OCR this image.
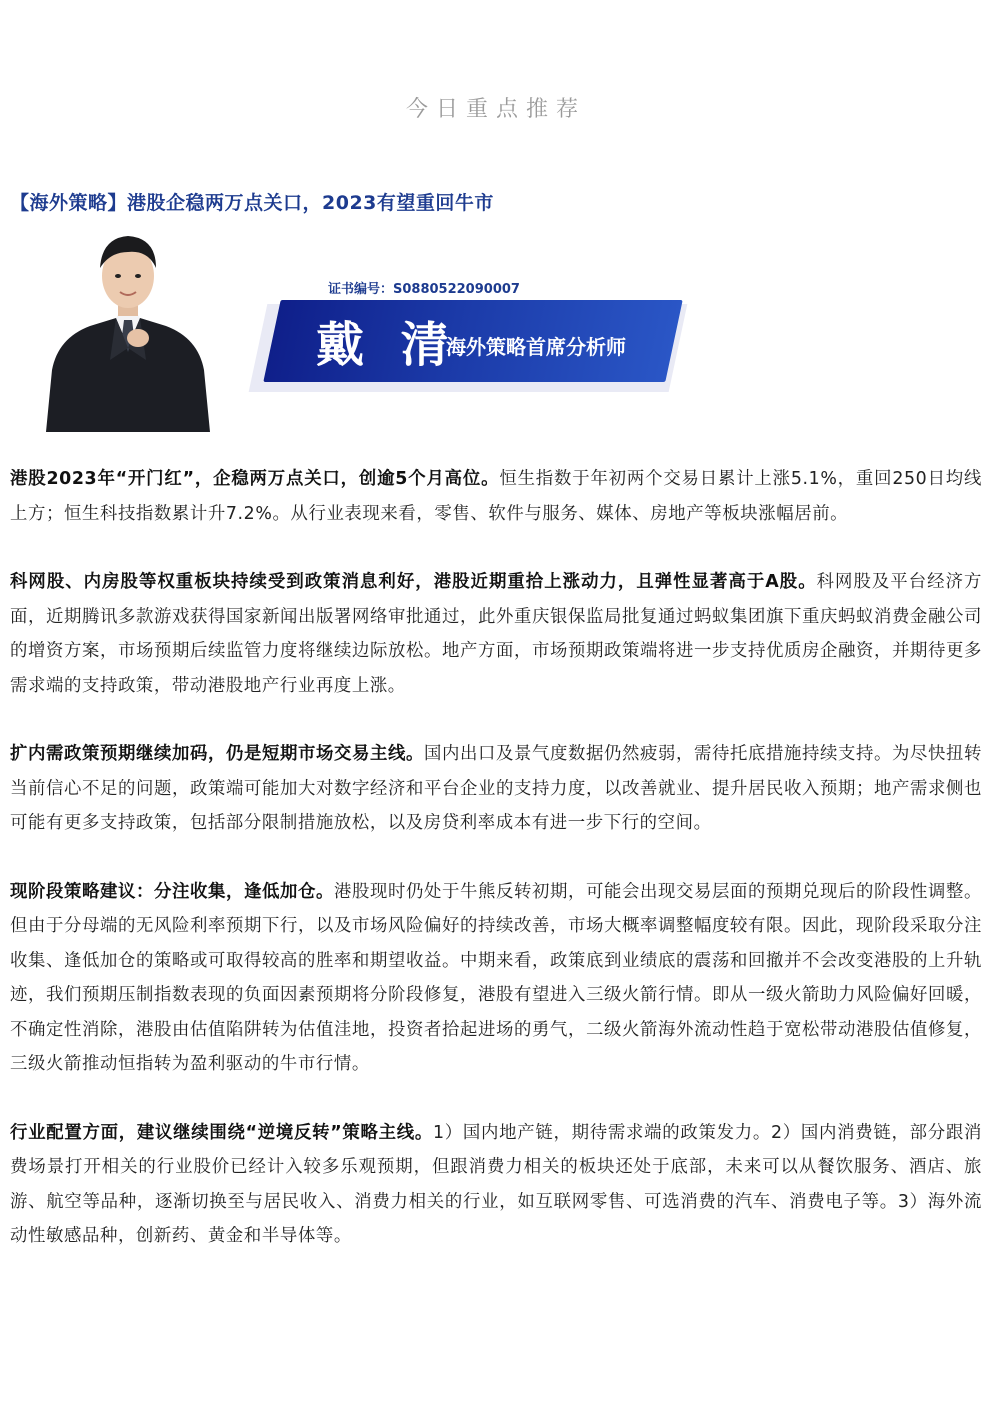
今日重点推荐
【海外策略】港股企稳两万点关口，2023有望重回牛市
证书编号：S0880522090007
戴 清
海外策略首席分析师

港股2023年“开门红”，企稳两万点关口，创逾5个月高位。恒生指数于年初两个交易日累计上涨5.1%，重回250日均线上方；恒生科技指数累计升7.2%。从行业表现来看，零售、软件与服务、媒体、房地产等板块涨幅居前。

科网股、内房股等权重板块持续受到政策消息利好，港股近期重拾上涨动力，且弹性显著高于A股。科网股及平台经济方面，近期腾讯多款游戏获得国家新闻出版署网络审批通过，此外重庆银保监局批复通过蚂蚁集团旗下重庆蚂蚁消费金融公司的增资方案，市场预期后续监管力度将继续边际放松。地产方面，市场预期政策端将进一步支持优质房企融资，并期待更多需求端的支持政策，带动港股地产行业再度上涨。

扩内需政策预期继续加码，仍是短期市场交易主线。国内出口及景气度数据仍然疲弱，需待托底措施持续支持。为尽快扭转当前信心不足的问题，政策端可能加大对数字经济和平台企业的支持力度，以改善就业、提升居民收入预期；地产需求侧也可能有更多支持政策，包括部分限制措施放松，以及房贷利率成本有进一步下行的空间。

现阶段策略建议：分注收集，逢低加仓。港股现时仍处于牛熊反转初期，可能会出现交易层面的预期兑现后的阶段性调整。但由于分母端的无风险利率预期下行，以及市场风险偏好的持续改善，市场大概率调整幅度较有限。因此，现阶段采取分注收集、逢低加仓的策略或可取得较高的胜率和期望收益。中期来看，政策底到业绩底的震荡和回撤并不会改变港股的上升轨迹，我们预期压制指数表现的负面因素预期将分阶段修复，港股有望进入三级火箭行情。即从一级火箭助力风险偏好回暖，不确定性消除，港股由估值陷阱转为估值洼地，投资者拾起进场的勇气，二级火箭海外流动性趋于宽松带动港股估值修复，三级火箭推动恒指转为盈利驱动的牛市行情。

行业配置方面，建议继续围绕“逆境反转”策略主线。1）国内地产链，期待需求端的政策发力。2）国内消费链，部分跟消费场景打开相关的行业股价已经计入较多乐观预期，但跟消费力相关的板块还处于底部，未来可以从餐饮服务、酒店、旅游、航空等品种，逐渐切换至与居民收入、消费力相关的行业，如互联网零售、可选消费的汽车、消费电子等。3）海外流动性敏感品种，创新药、黄金和半导体等。
